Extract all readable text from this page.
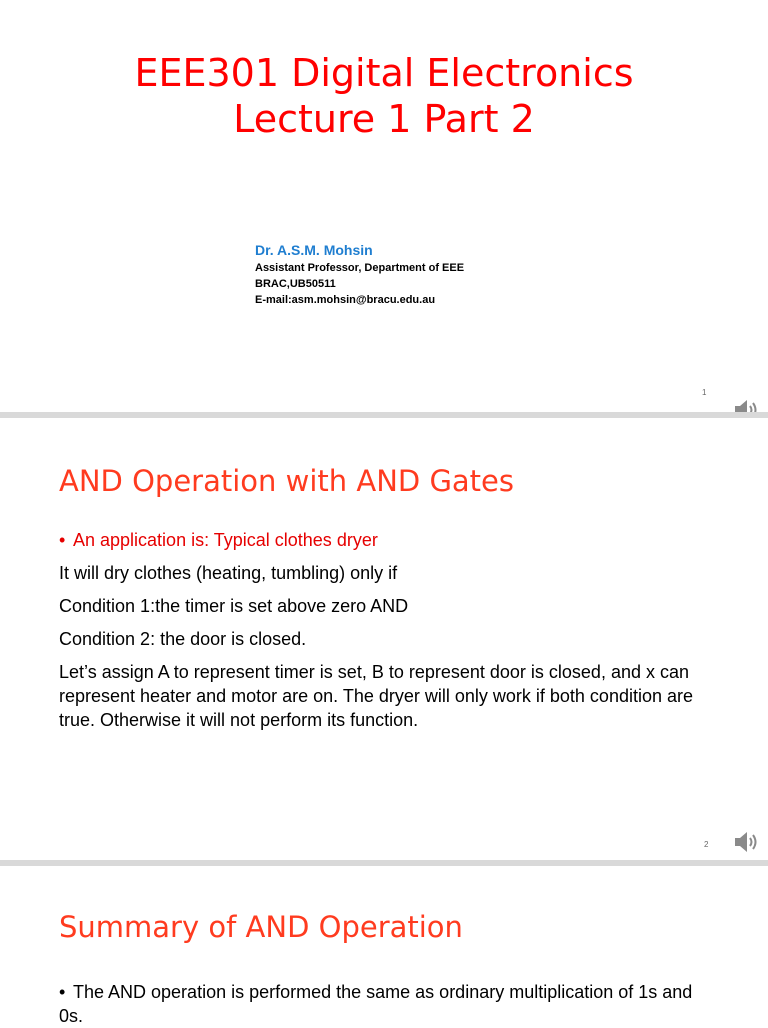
EEE301 Digital Electronics
Lecture 1 Part 2
Dr. A.S.M. Mohsin
Assistant Professor, Department of EEE
BRAC,UB50511
E-mail:asm.mohsin@bracu.edu.au
1
AND Operation with AND Gates

• An application is: Typical clothes dryer

It will dry clothes (heating, tumbling) only if

Condition 1:the timer is set above zero AND

Condition 2: the door is closed.

Let’s assign A to represent timer is set, B to represent door is closed, and x can represent heater and motor are on. The dryer will only work if both condition are true. Otherwise it will not perform its function.

2
Summary of AND Operation
• The AND operation is performed the same as ordinary multiplication of 1s and 0s.
